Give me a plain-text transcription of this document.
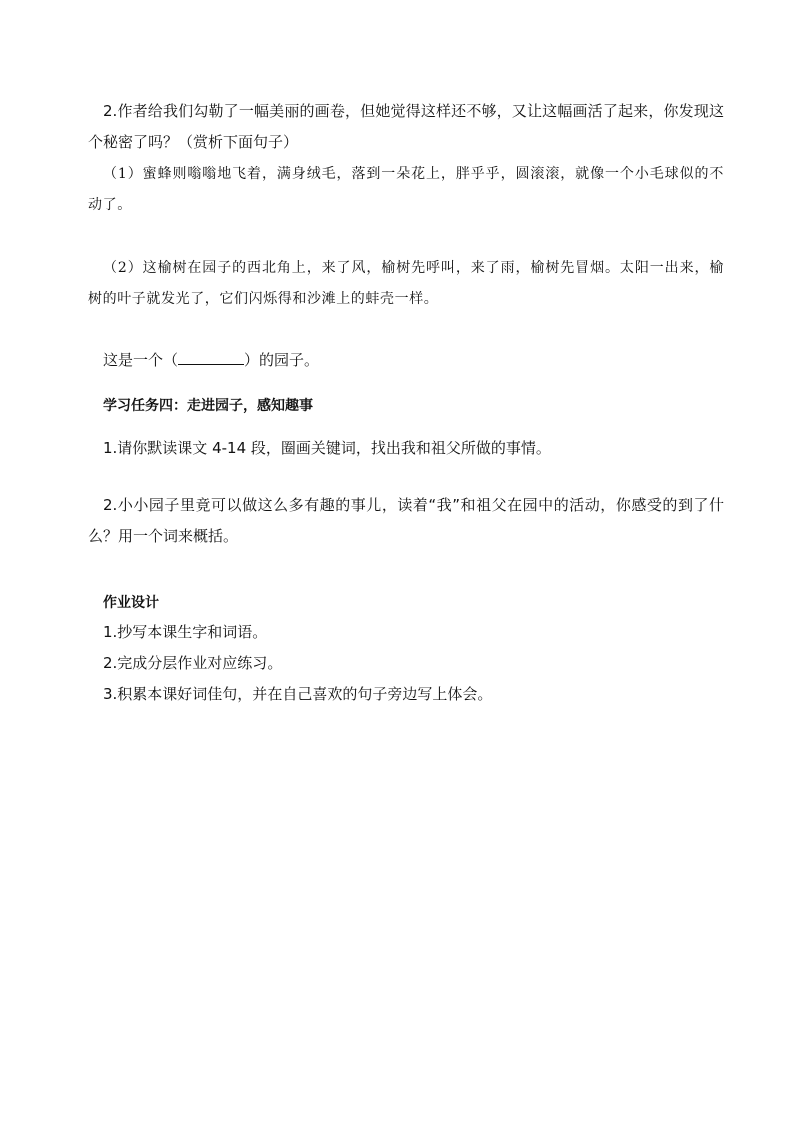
2.作者给我们勾勒了一幅美丽的画卷，但她觉得这样还不够，又让这幅画活了起来，你发现这个秘密了吗？（赏析下面句子）

（1）蜜蜂则嗡嗡地飞着，满身绒毛，落到一朵花上，胖乎乎，圆滚滚，就像一个小毛球似的不动了。

（2）这榆树在园子的西北角上，来了风，榆树先呼叫，来了雨，榆树先冒烟。太阳一出来，榆树的叶子就发光了，它们闪烁得和沙滩上的蚌壳一样。

这是一个（	）的园子。

学习任务四：走进园子，感知趣事

1.请你默读课文 4-14 段，圈画关键词，找出我和祖父所做的事情。

2.小小园子里竟可以做这么多有趣的事儿，读着“我”和祖父在园中的活动，你感受的到了什么？用一个词来概括。

作业设计

1.抄写本课生字和词语。

2.完成分层作业对应练习。

3.积累本课好词佳句，并在自己喜欢的句子旁边写上体会。
